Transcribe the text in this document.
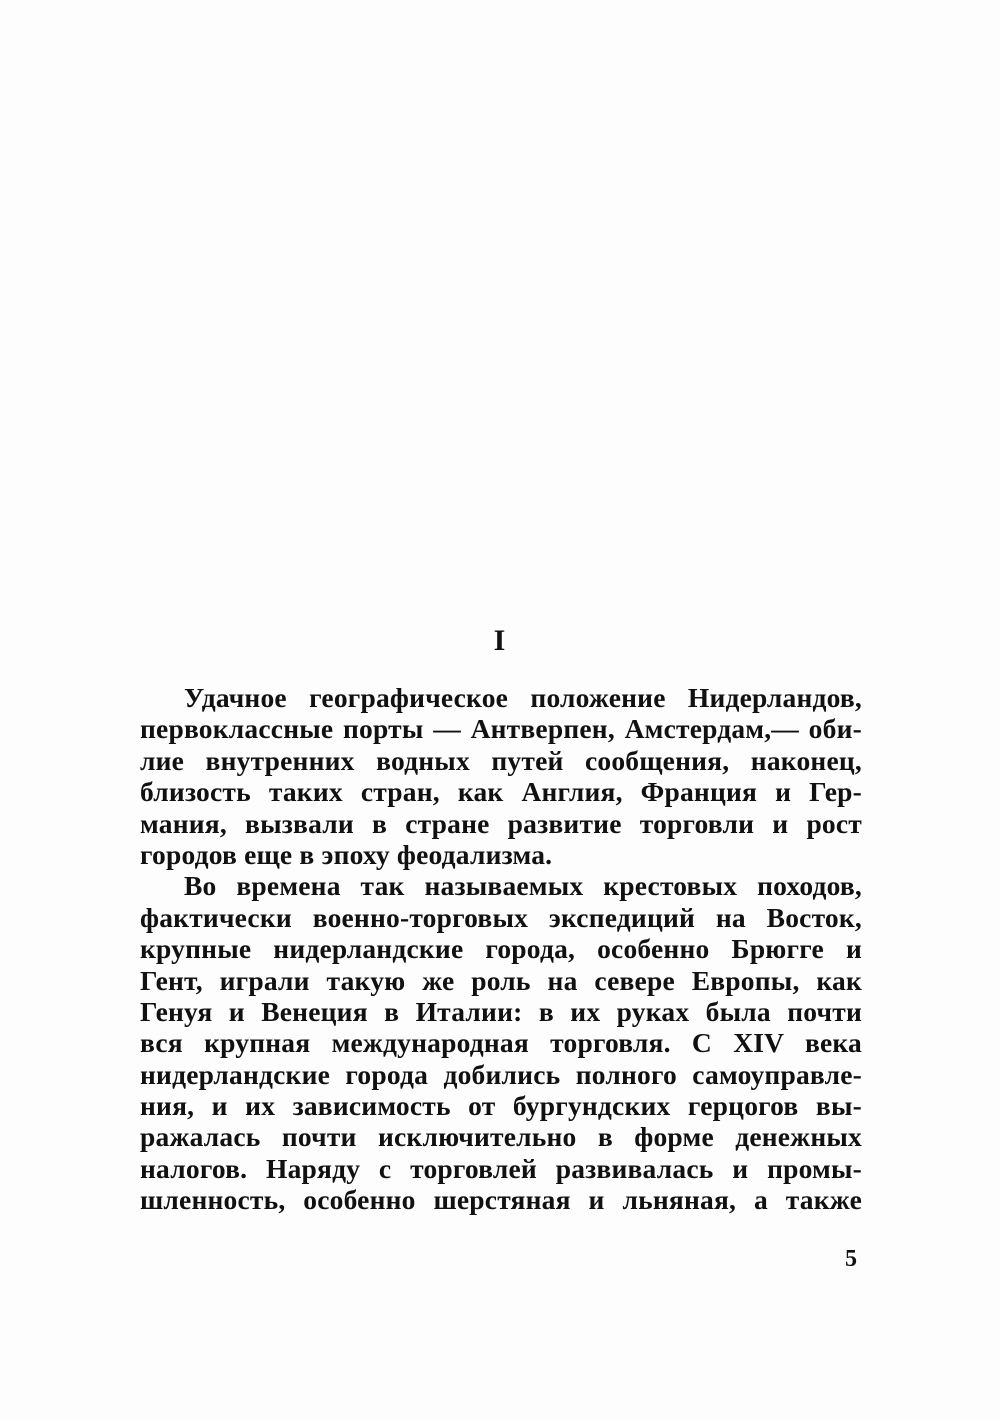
I
Удачное географическое положение Нидерландов,
первоклассные порты — Антверпен, Амстердам,— оби-
лие внутренних водных путей сообщения, наконец,
близость таких стран, как Англия, Франция и Гер-
мания, вызвали в стране развитие торговли и рост
городов еще в эпоху феодализма.
Во времена так называемых крестовых походов,
фактически военно-торговых экспедиций на Восток,
крупные нидерландские города, особенно Брюгге и
Гент, играли такую же роль на севере Европы, как
Генуя и Венеция в Италии: в их руках была почти
вся крупная международная торговля. С XIV века
нидерландские города добились полного самоуправле-
ния, и их зависимость от бургундских герцогов вы-
ражалась почти исключительно в форме денежных
налогов. Наряду с торговлей развивалась и промы-
шленность, особенно шерстяная и льняная, а также
5
